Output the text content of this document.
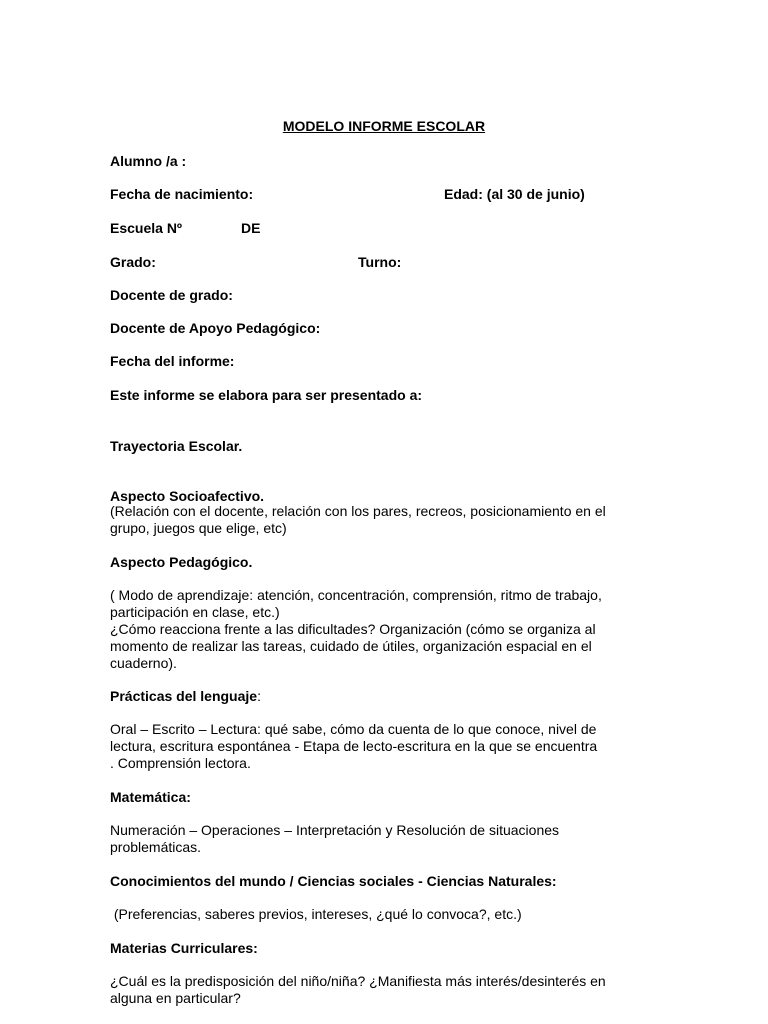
MODELO INFORME ESCOLAR
Alumno /a :
Fecha de nacimiento:	Edad: (al 30 de junio)
Escuela Nº	DE
Grado:	Turno:
Docente de grado:
Docente de Apoyo Pedagógico:
Fecha del informe:
Este informe se elabora para ser presentado a:
Trayectoria Escolar.
Aspecto Socioafectivo.
(Relación con el docente, relación con los pares, recreos, posicionamiento en el
grupo, juegos que elige, etc)
Aspecto Pedagógico.
( Modo de aprendizaje: atención, concentración, comprensión, ritmo de trabajo,
participación en clase, etc.)
¿Cómo reacciona frente a las dificultades? Organización (cómo se organiza al
momento de realizar las tareas, cuidado de útiles, organización espacial en el
cuaderno).
Prácticas del lenguaje:
Oral – Escrito – Lectura: qué sabe, cómo da cuenta de lo que conoce, nivel de
lectura, escritura espontánea - Etapa de lecto-escritura en la que se encuentra
. Comprensión lectora.
Matemática:
Numeración – Operaciones – Interpretación y Resolución de situaciones
problemáticas.
Conocimientos del mundo / Ciencias sociales - Ciencias Naturales:
(Preferencias, saberes previos, intereses, ¿qué lo convoca?, etc.)
Materias Curriculares:
¿Cuál es la predisposición del niño/niña? ¿Manifiesta más interés/desinterés en
alguna en particular?
